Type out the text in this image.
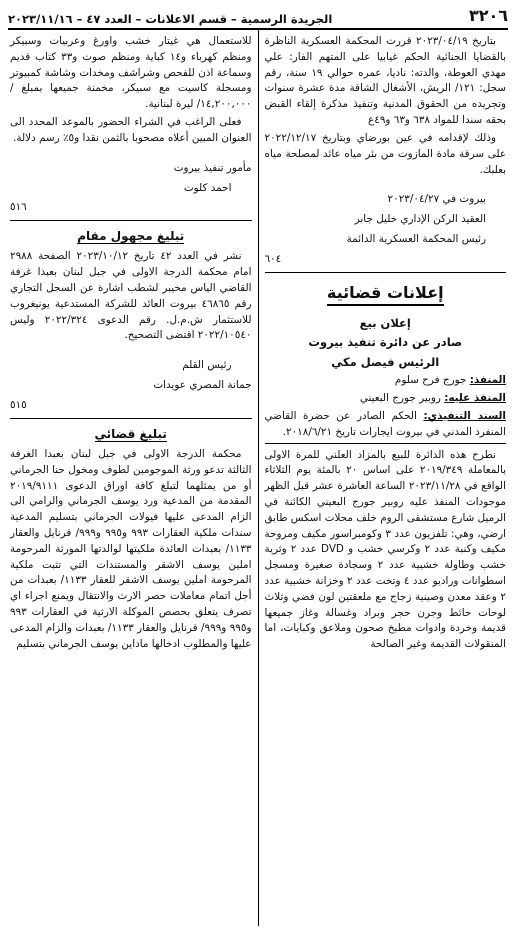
٣٢٠٦
الجريدة الرسمية – قسم الاعلانات – العدد ٤٧ – ٢٠٢٣/١١/١٦

بتاريخ ٢٠٢٣/٠٤/١٩ قررت المحكمة العسكرية الناظرة بالقضايا الجنائية الحكم غيابيا على المتهم الفار: علي مهدي العوطة، والدته: ناديا، عمره حوالي ١٩ سنة، رقم سجل: ١٢١/ الريش، الأشغال الشاقة مدة عشرة سنوات وتجريده من الحقوق المدنية وتنفيذ مذكرة إلقاء القبض بحقه سندا للمواد ٦٣٨ و٦٣ و٤٩ع

وذلك لإقدامه في عين بورضاي وبتاريخ ٢٠٢٢/١٢/١٧ على سرقة مادة المازوت من بئر مياه عائد لمصلحة مياه بعلبك.

بيروت في ٢٠٢٣/٠٤/٢٧

العقيد الركن الإداري خليل جابر

رئيس المحكمة العسكرية الدائمة

٦٠٤

إعلانات قضائية
إعلان بيع
صادر عن دائرة تنفيذ بيروت
الرئيس فيصل مكي

المنفذ: جورج فرح سلوم

المنفذ عليه: روبير جورج البعيني

السند التنفيذي: الحكم الصادر عن حضرة القاضي المنفرد المدني في بيروت ايجارات تاريخ ٢٠١٨/٦/٢١.

نطرح هذه الدائرة للبيع بالمزاد العلني للمرة الاولى بالمعاملة ٢٠١٩/٣٤٩ على اساس ٢٠ بالمئة يوم الثلاثاء الواقع في ٢٠٢٣/١١/٢٨ الساعة العاشرة عشر قبل الظهر موجودات المنفذ عليه روبير جورج البعيني الكائنة في الرميل شارع مستشفى الروم خلف محلات اسكس طابق ارضي، وهي: تلفزيون عدد ٣ وكومبراسور مكيف ومروحة مكيف وكنبة عدد ٢ وكرسي خشب و DVD عدد ٢ وثرية خشب وطاولة خشبية عدد ٢ وسجادة صغيرة ومسجل اسطوانات وراديو عدد ٤ وتخت عدد ٢ وخزانة خشبية عدد ٢ وعقد معدن وصينية زجاج مع ملعقتين لون فضي وثلاث لوحات حائط وجرن حجر وبراد وغسالة وغاز جميعها قديمة وخردة وادوات مطبخ صحون وملاعق وكبايات، اما المنقولات القديمة وغير الصالحة

للاستعمال هي غيتار خشب واورغ وعربيات وسبيكر ومنظم كهرباء و١٤ كباية ومنظم صوت و٣٣ كتاب قديم وسماعة اذن للفحص وشراشف ومخدات وشاشة كمبيوتر ومسجلة كاسيت مع سبيكر، مخمنة جميعها بمبلغ /١٤,٢٠٠,٠٠٠/ ليرة لبنانية.

فعلى الراغب في الشراء الحضور بالموعد المحدد الى العنوان المبين أعلاه مصحوبا بالثمن نقدا و٥٪ رسم دلالة.

مأمور تنفيذ بيروت

احمد كلوت

٥١٦

تبليغ مجهول مقام

نشر في العدد ٤٢ تاريخ ٢٠٢٣/١٠/١٢ الصفحة ٢٩٨٨ امام محكمة الدرجة الاولى في جبل لبنان بعبدا غرفة القاضي الياس مخيبر لشطب اشارة عن السجل التجاري رقم ٤٦٨٦٥ بيروت العائد للشركة المستدعية يونيغروب للاستثمار ش.م.ل. رقم الدعوى ٢٠٢٢/٣٢٤ وليس ٢٠٢٢/١٠٥٤٠ اقتضى التصحيح.

رئيس القلم

جمانة المصري عويدات

٥١٥

تبليغ قضائي

محكمة الدرجة الاولى في جبل لبنان بعبدا الغرفة الثالثة تدعو ورثة الموجومين لطوف ومخول حنا الجرماني أو من يمثلهما لتبلغ كافة اوراق الدعوى ٢٠١٩/٩١١١ المقدمة من المدعية ورد يوسف الجرماني والرامي الى الزام المدعى عليها فيولات الجرماني بتسليم المدعية سندات ملكية العقارات ٩٩٣ و٩٩٥ و٩٩٩/ قرنايل والعقار ١١٣٣/ بعبدات العائدة ملكيتها لوالدتها المورثة المرحومة املين يوسف الاشقر والمستندات التي تثبت ملكية المرحومة املين يوسف الاشقر للعقار ١١٣٣/ بعبدات من أجل اتمام معاملات حصر الارث والانتقال ويمنع اجراء اي تصرف يتعلق بحصص الموكلة الارثية في العقارات ٩٩٣ و٩٩٥ و٩٩٩/ قرنايل والعقار ١١٣٣/ بعبدات والزام المدعى عليها والمطلوب ادخالها ماداين يوسف الجرماني بتسليم
